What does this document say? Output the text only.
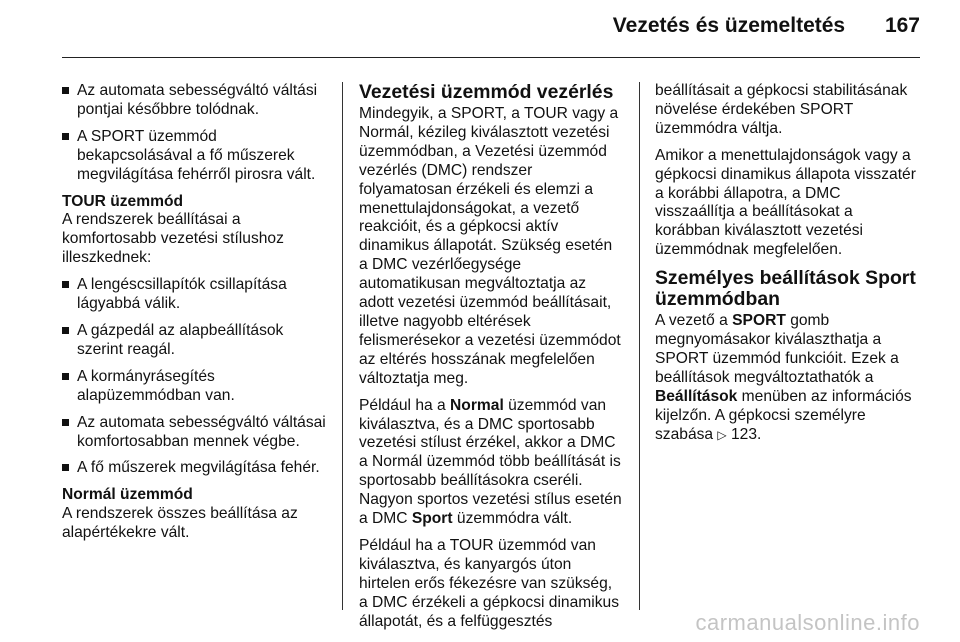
Vezetés és üzemeltetés 167
Az automata sebességváltó váltási pontjai későbbre tolódnak.
A SPORT üzemmód bekapcsolásával a fő műszerek megvilágítása fehérről pirosra vált.
TOUR üzemmód

A rendszerek beállításai a komfortosabb vezetési stílushoz illeszkednek:

A lengéscsillapítók csillapítása lágyabbá válik.
A gázpedál az alapbeállítások szerint reagál.
A kormányrásegítés alapüzemmódban van.
Az automata sebességváltó váltásai komfortosabban mennek végbe.
A fő műszerek megvilágítása fehér.
Normál üzemmód

A rendszerek összes beállítása az alapértékekre vált.

Vezetési üzemmód vezérlés

Mindegyik, a SPORT, a TOUR vagy a Normál, kézileg kiválasztott vezetési üzemmódban, a Vezetési üzemmód vezérlés (DMC) rendszer folyamatosan érzékeli és elemzi a menettulajdonságokat, a vezető reakcióit, és a gépkocsi aktív dinamikus állapotát. Szükség esetén a DMC vezérlőegysége automatikusan megváltoztatja az adott vezetési üzemmód beállításait, illetve nagyobb eltérések felismerésekor a vezetési üzemmódot az eltérés hosszának megfelelően változtatja meg.

Például ha a Normal üzemmód van kiválasztva, és a DMC sportosabb vezetési stílust érzékel, akkor a DMC a Normál üzemmód több beállítását is sportosabb beállításokra cseréli. Nagyon sportos vezetési stílus esetén a DMC Sport üzemmódra vált.

Például ha a TOUR üzemmód van kiválasztva, és kanyargós úton hirtelen erős fékezésre van szükség, a DMC érzékeli a gépkocsi dinamikus állapotát, és a felfüggesztés

beállításait a gépkocsi stabilitásának növelése érdekében SPORT üzemmódra váltja.

Amikor a menettulajdonságok vagy a gépkocsi dinamikus állapota visszatér a korábbi állapotra, a DMC visszaállítja a beállításokat a korábban kiválasztott vezetési üzemmódnak megfelelően.

Személyes beállítások Sport üzemmódban

A vezető a SPORT gomb megnyomásakor kiválaszthatja a SPORT üzemmód funkcióit. Ezek a beállítások megváltoztathatók a Beállítások menüben az információs kijelzőn. A gépkocsi személyre szabása ▷ 123.

carmanualsonline.info
